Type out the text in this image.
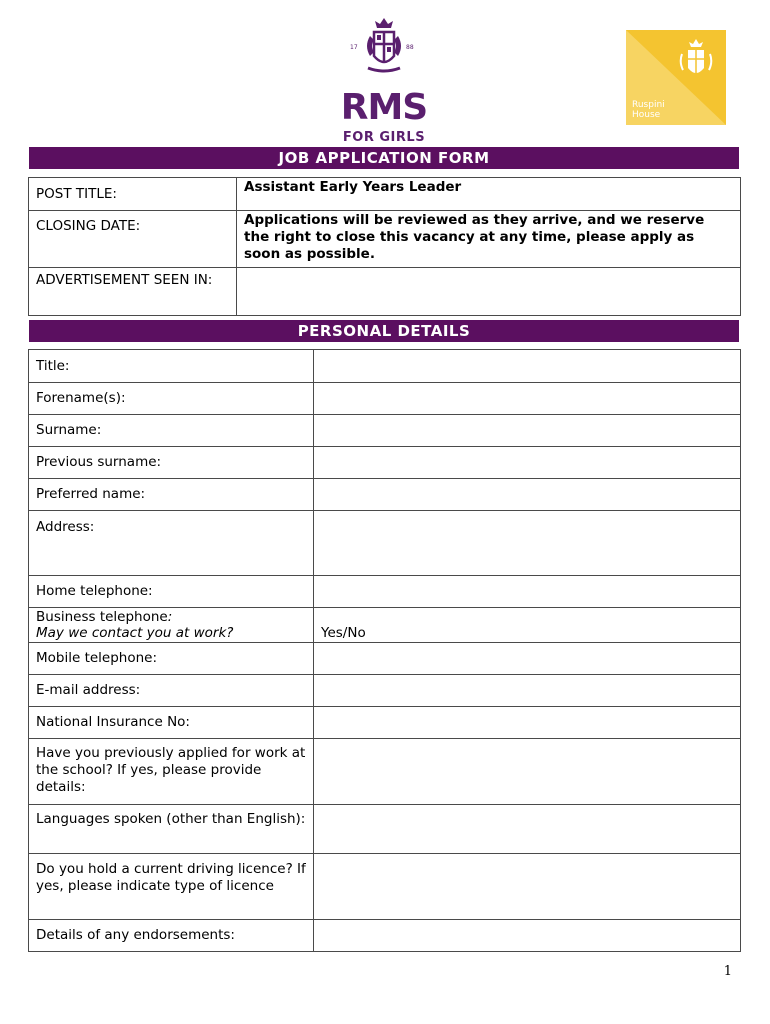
17	88
RMS
FOR GIRLS
Ruspini
House
JOB APPLICATION FORM
POST TITLE:	Assistant Early Years Leader
CLOSING DATE:	Applications will be reviewed as they arrive, and we reserve the right to close this vacancy at any time, please apply as soon as possible.
ADVERTISEMENT SEEN IN:	
PERSONAL DETAILS
Title:	
Forename(s):	
Surname:	
Previous surname:	
Preferred name:	
Address:	
Home telephone:	
Business telephone:
May we contact you at work?	Yes/No
Mobile telephone:	
E-mail address:	
National Insurance No:	
Have you previously applied for work at the school? If yes, please provide details:	
Languages spoken (other than English):	
Do you hold a current driving licence? If yes, please indicate type of licence	
Details of any endorsements:	
1
